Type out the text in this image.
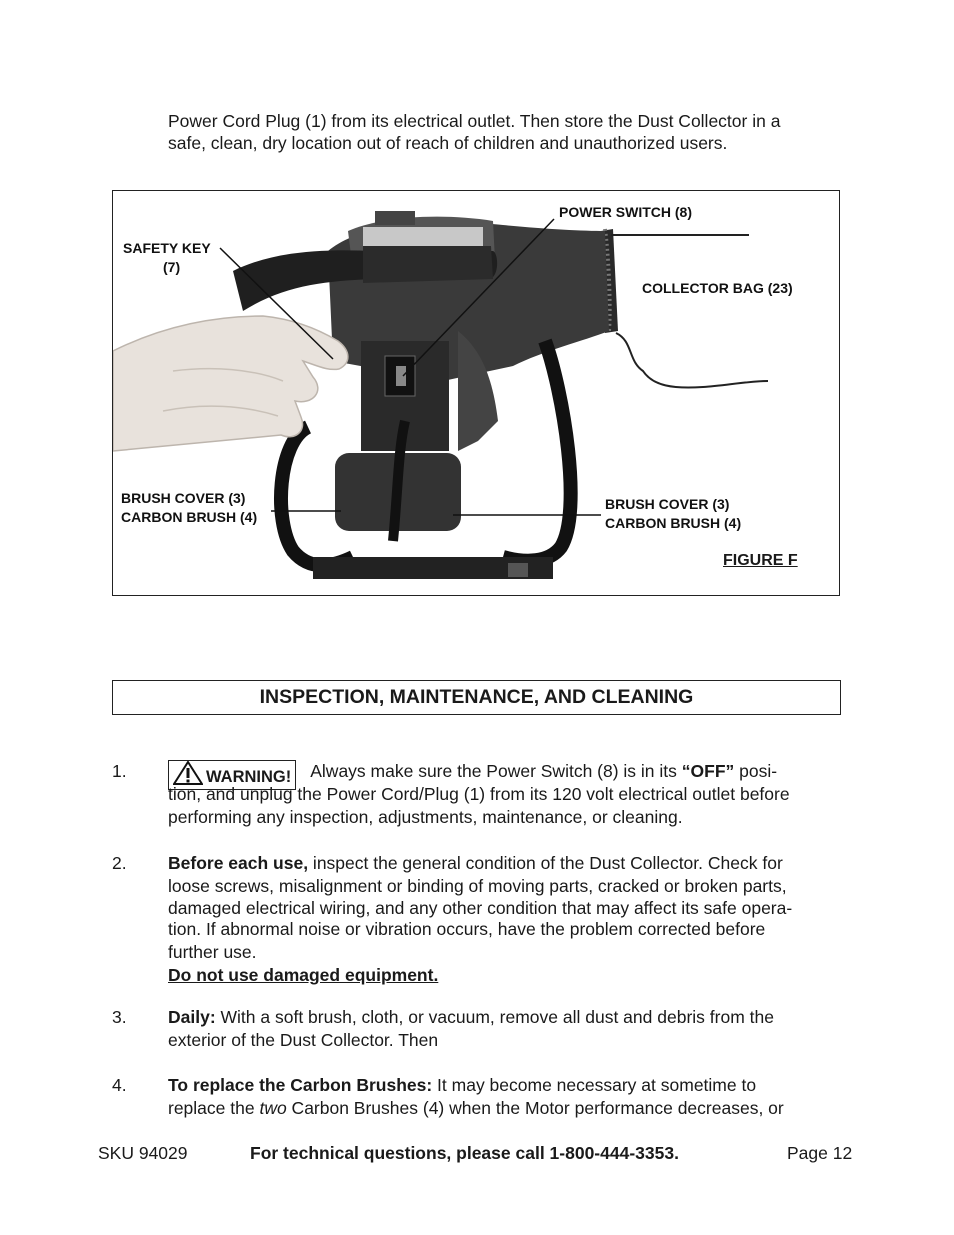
Power Cord Plug (1) from its electrical outlet. Then store the Dust Collector in a

safe, clean, dry location out of reach of children and unauthorized users.

POWER SWITCH (8)
SAFETY KEY
(7)
COLLECTOR BAG (23)
BRUSH COVER (3)
CARBON BRUSH (4)
BRUSH COVER (3)
CARBON BRUSH (4)
FIGURE F
INSPECTION, MAINTENANCE, AND CLEANING
1.	WARNING! Always make sure the Power Switch (8) is in its “OFF” posi-

tion, and unplug the Power Cord/Plug (1) from its 120 volt electrical outlet before

performing any inspection, adjustments, maintenance, or cleaning.

2. Before each use, inspect the general condition of the Dust Collector. Check for

loose screws, misalignment or binding of moving parts, cracked or broken parts,

damaged electrical wiring, and any other condition that may affect its safe opera-

tion. If abnormal noise or vibration occurs, have the problem corrected before

further use.

Do not use damaged equipment.

3. Daily: With a soft brush, cloth, or vacuum, remove all dust and debris from the

exterior of the Dust Collector. Then

4. To replace the Carbon Brushes: It may become necessary at sometime to

replace the two Carbon Brushes (4) when the Motor performance decreases, or

SKU 94029	For technical questions, please call 1-800-444-3353.	Page 12
